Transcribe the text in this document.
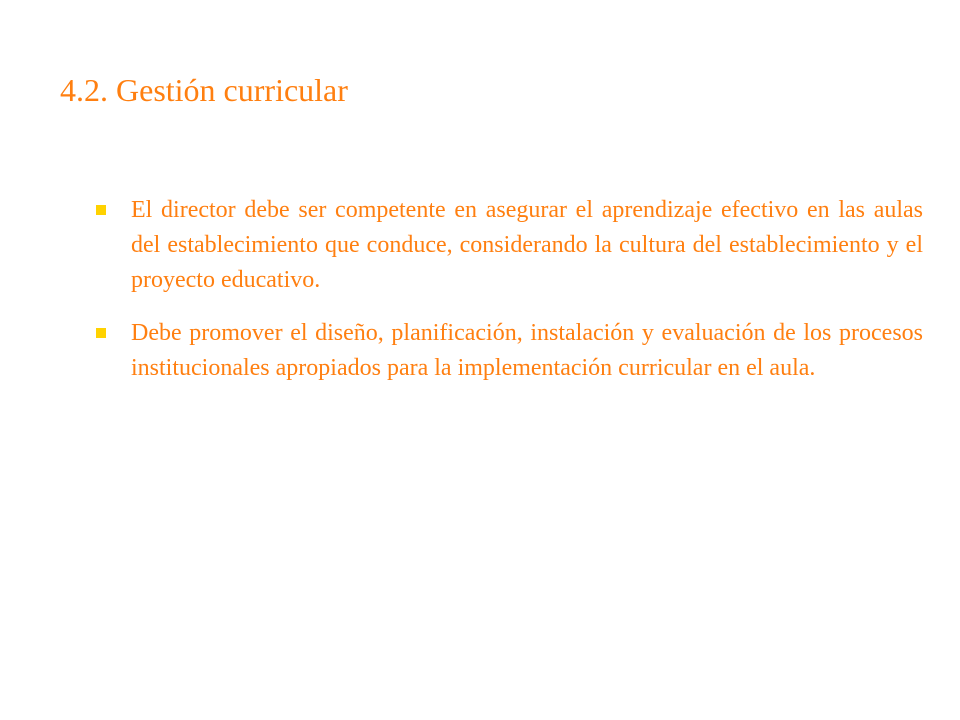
4.2. Gestión curricular
El director debe ser competente en asegurar el aprendizaje efectivo en las aulas del establecimiento que conduce, considerando la cultura del establecimiento y el proyecto educativo.
Debe promover el diseño, planificación, instalación y evaluación de los procesos institucionales apropiados para la implementación curricular en el aula.
